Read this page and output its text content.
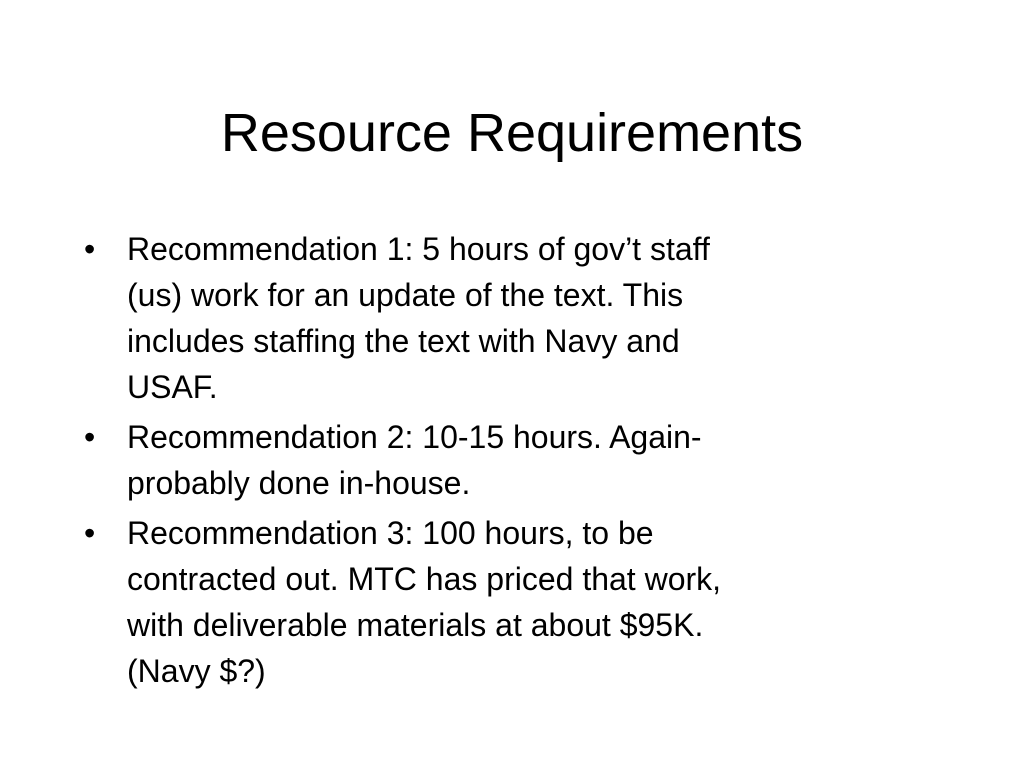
Resource Requirements
• Recommendation 1: 5 hours of gov’t staff
(us) work for an update of the text. This
includes staffing the text with Navy and
USAF.
• Recommendation 2: 10-15 hours. Again-
probably done in-house.
• Recommendation 3: 100 hours, to be
contracted out. MTC has priced that work,
with deliverable materials at about $95K.
(Navy $?)
